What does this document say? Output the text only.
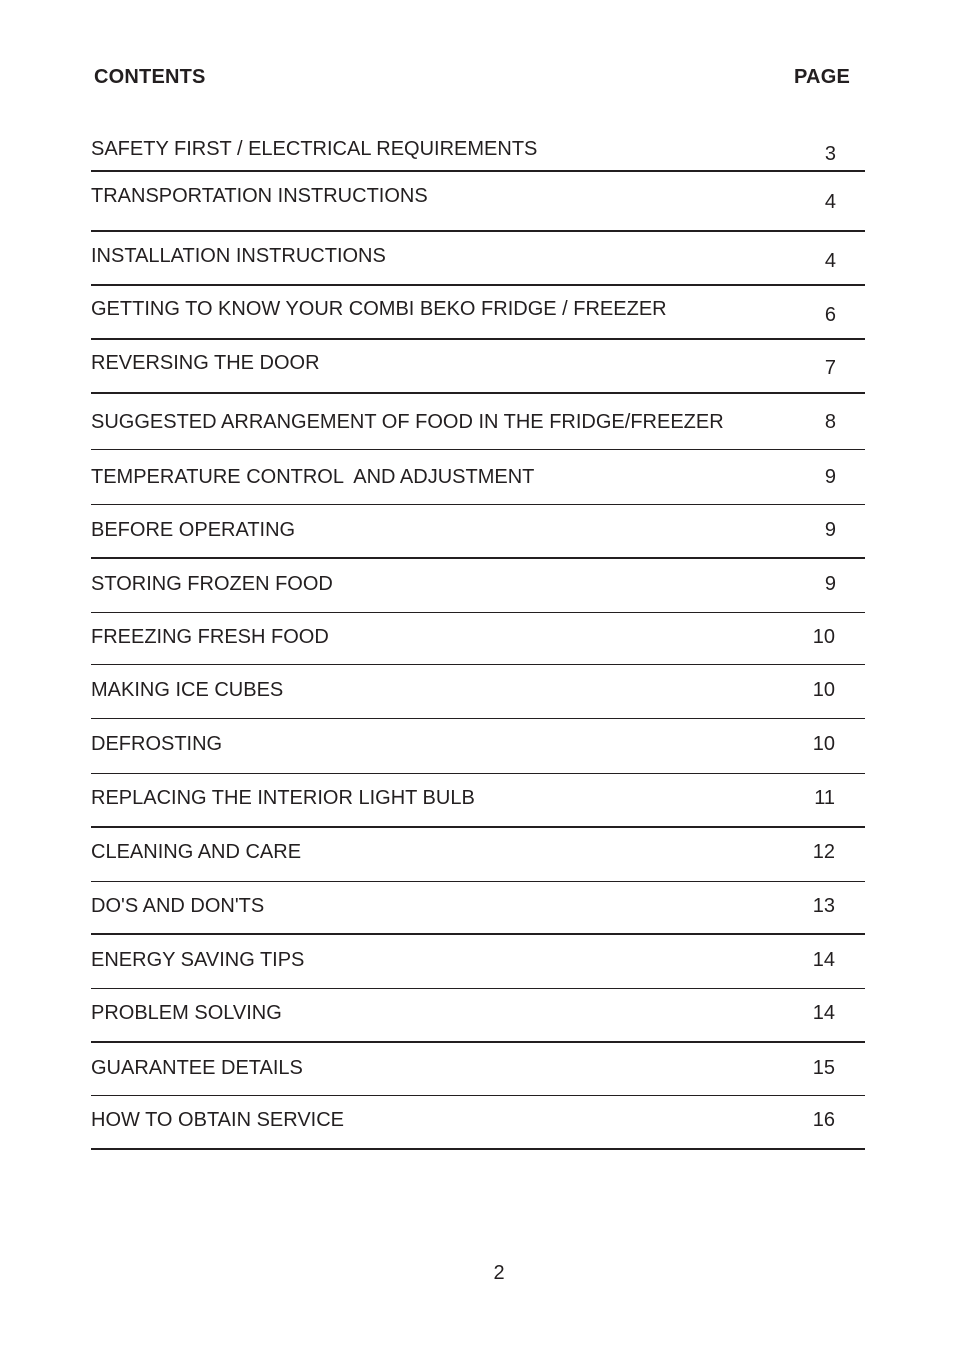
CONTENTS	PAGE
SAFETY FIRST / ELECTRICAL REQUIREMENTS	3
TRANSPORTATION INSTRUCTIONS	4
INSTALLATION INSTRUCTIONS	4
GETTING TO KNOW YOUR COMBI BEKO FRIDGE / FREEZER	6
REVERSING THE DOOR	7
SUGGESTED ARRANGEMENT OF FOOD IN THE FRIDGE/FREEZER	8
TEMPERATURE CONTROL  AND ADJUSTMENT	9
BEFORE OPERATING	9
STORING FROZEN FOOD	9
FREEZING FRESH FOOD	10
MAKING ICE CUBES	10
DEFROSTING	10
REPLACING THE INTERIOR LIGHT BULB	11
CLEANING AND CARE	12
DO'S AND DON'TS	13
ENERGY SAVING TIPS	14
PROBLEM SOLVING	14
GUARANTEE DETAILS	15
HOW TO OBTAIN SERVICE	16
2
